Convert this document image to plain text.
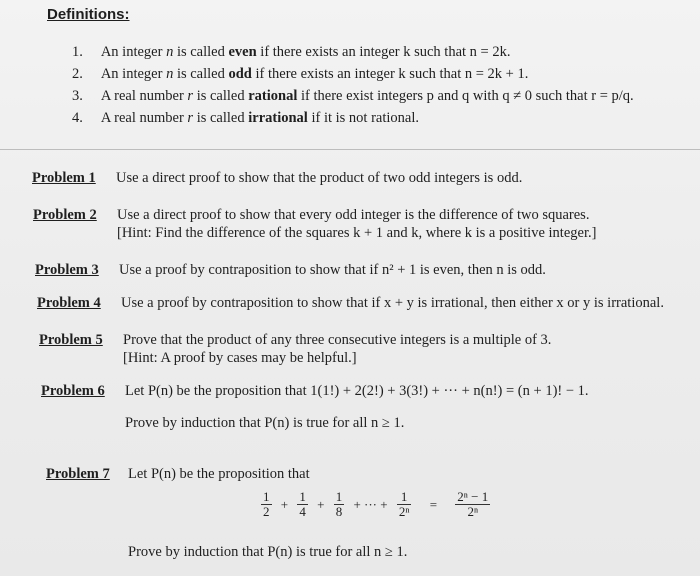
Definitions:
1. An integer n is called even if there exists an integer k such that n = 2k.
2. An integer n is called odd if there exists an integer k such that n = 2k + 1.
3. A real number r is called rational if there exist integers p and q with q ≠ 0 such that r = p/q.
4. A real number r is called irrational if it is not rational.
Problem 1 Use a direct proof to show that the product of two odd integers is odd.
Problem 2 Use a direct proof to show that every odd integer is the difference of two squares.
[Hint: Find the difference of the squares k + 1 and k, where k is a positive integer.]
Problem 3 Use a proof by contraposition to show that if n² + 1 is even, then n is odd.
Problem 4 Use a proof by contraposition to show that if x + y is irrational, then either x or y is irrational.
Problem 5 Prove that the product of any three consecutive integers is a multiple of 3.
[Hint: A proof by cases may be helpful.]
Problem 6 Let P(n) be the proposition that 1(1!) + 2(2!) + 3(3!) + ··· + n(n!) = (n + 1)! − 1.
Prove by induction that P(n) is true for all n ≥ 1.
Problem 7 Let P(n) be the proposition that
Prove by induction that P(n) is true for all n ≥ 1.
$\frac{1}{2} + \frac{1}{4} + \frac{1}{8}$ + ··· + $\frac{1}{\text{2ⁿ}} = \frac{\text{2ⁿ − 1}}{\text{2ⁿ}}$
